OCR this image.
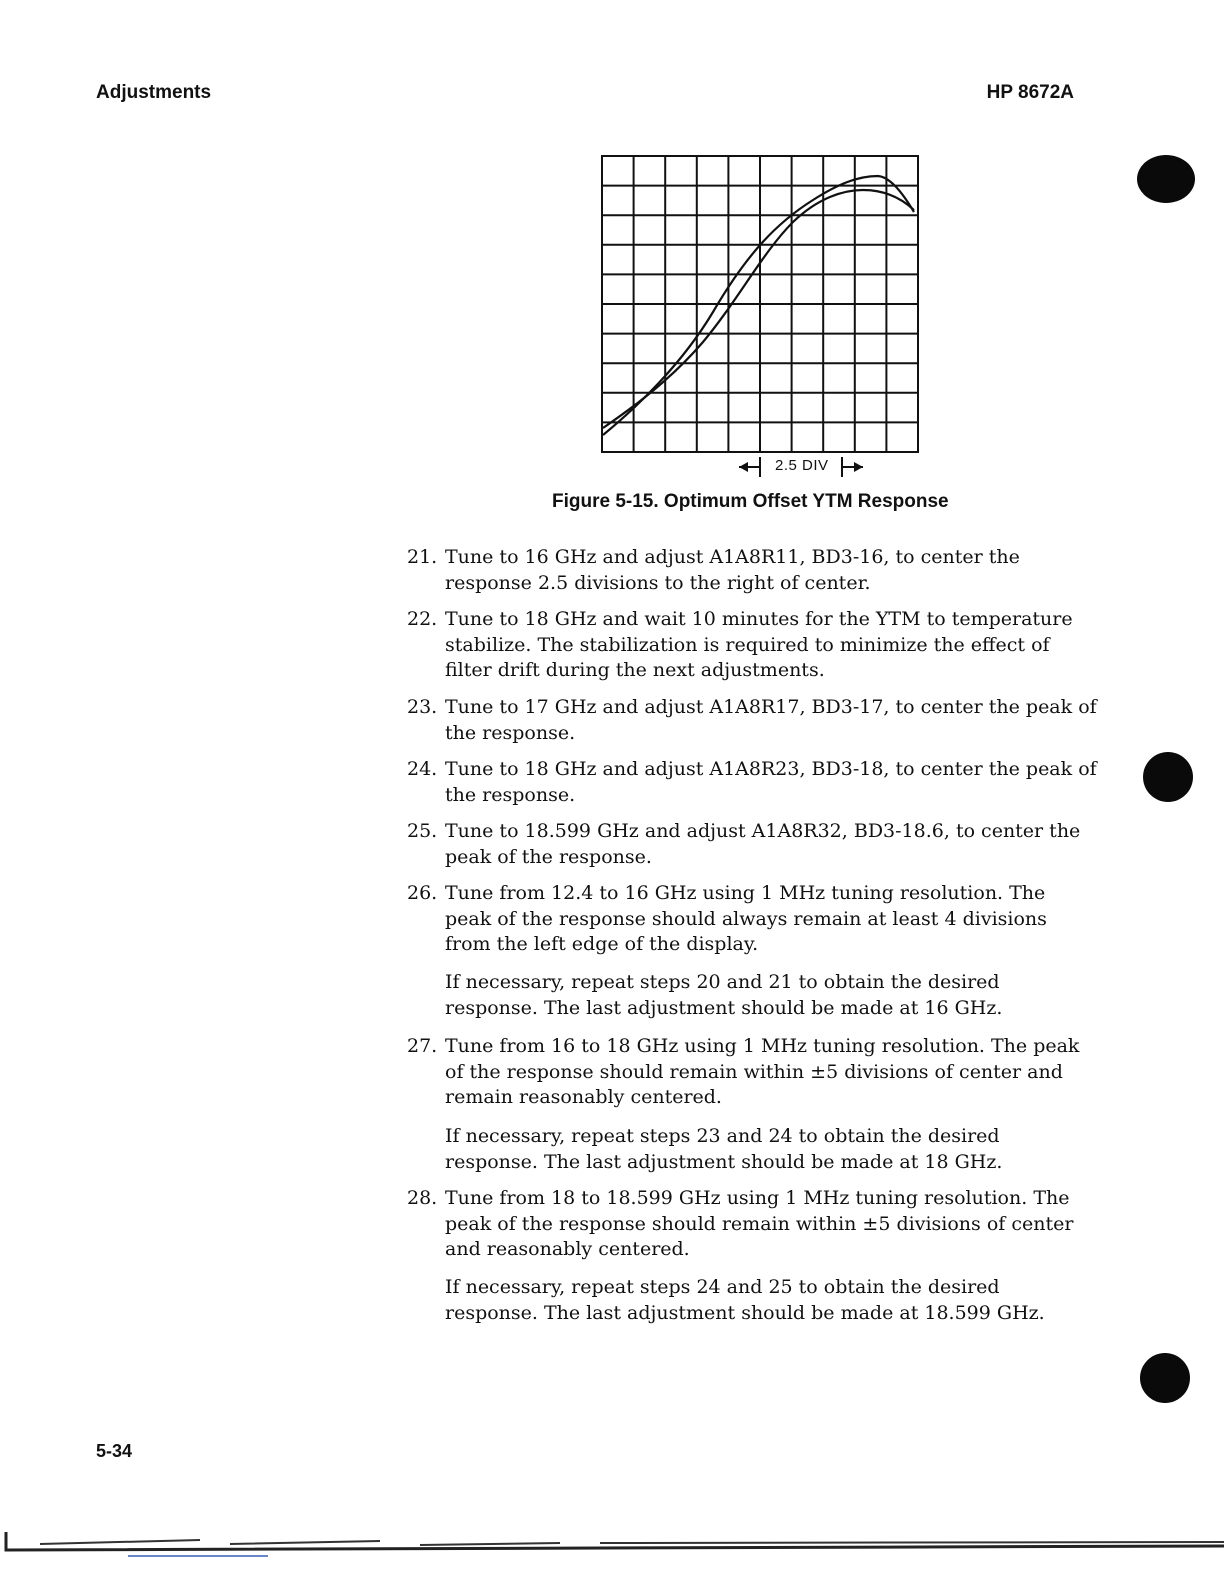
Adjustments	HP 8672A
2.5 DIV
Figure 5-15. Optimum Offset YTM Response
21. Tune to 16 GHz and adjust A1A8R11, BD3-16, to center the response 2.5 divisions to the right of center.
22. Tune to 18 GHz and wait 10 minutes for the YTM to temperature stabilize. The stabilization is required to minimize the effect of filter drift during the next adjustments.
23. Tune to 17 GHz and adjust A1A8R17, BD3-17, to center the peak of the response.
24. Tune to 18 GHz and adjust A1A8R23, BD3-18, to center the peak of the response.
25. Tune to 18.599 GHz and adjust A1A8R32, BD3-18.6, to center the peak of the response.
26. Tune from 12.4 to 16 GHz using 1 MHz tuning resolution. The peak of the response should always remain at least 4 divisions from the left edge of the display.
If necessary, repeat steps 20 and 21 to obtain the desired response. The last adjustment should be made at 16 GHz.
27. Tune from 16 to 18 GHz using 1 MHz tuning resolution. The peak of the response should remain within ±5 divisions of center and remain reasonably centered.
If necessary, repeat steps 23 and 24 to obtain the desired response. The last adjustment should be made at 18 GHz.
28. Tune from 18 to 18.599 GHz using 1 MHz tuning resolution. The peak of the response should remain within ±5 divisions of center and reasonably centered.
If necessary, repeat steps 24 and 25 to obtain the desired response. The last adjustment should be made at 18.599 GHz.
5-34
